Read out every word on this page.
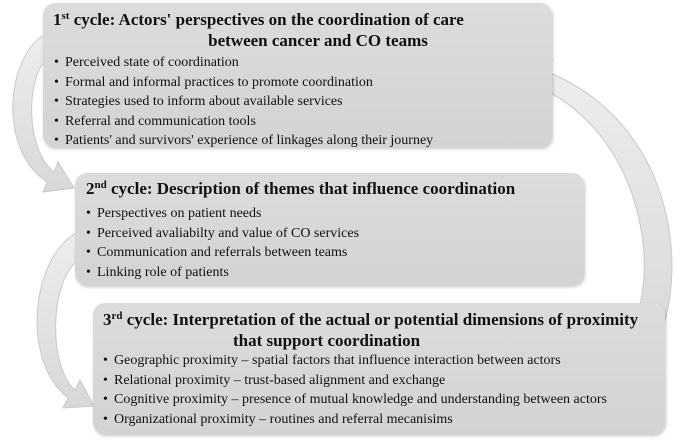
1st cycle: Actors' perspectives on the coordination of care
between cancer and CO teams
• Perceived state of coordination
• Formal and informal practices to promote coordination
• Strategies used to inform about available services
• Referral and communication tools
• Patients' and survivors' experience of linkages along their journey
2nd cycle: Description of themes that influence coordination
• Perspectives on patient needs
• Perceived avaliabilty and value of CO services
• Communication and referrals between teams
• Linking role of patients
3rd cycle: Interpretation of the actual or potential dimensions of proximity
that support coordination
• Geographic proximity – spatial factors that influence interaction between actors
• Relational proximity – trust-based alignment and exchange
• Cognitive proximity – presence of mutual knowledge and understanding between actors
• Organizational proximity – routines and referral mecanisims
